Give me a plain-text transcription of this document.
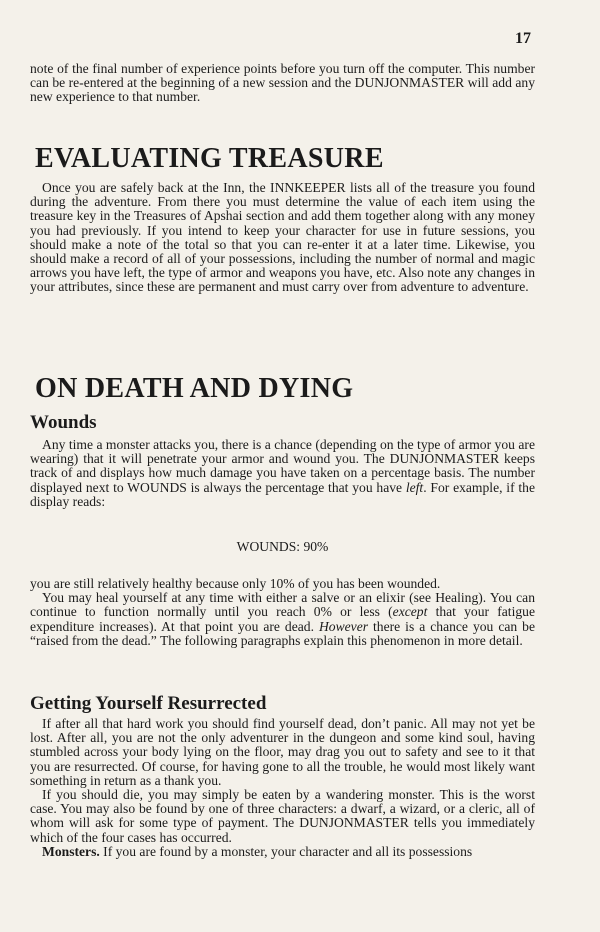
17

note of the final number of experience points before you turn off the computer. This number can be re-entered at the beginning of a new session and the DUNJONMASTER will add any new experience to that number.

EVALUATING TREASURE

Once you are safely back at the Inn, the INNKEEPER lists all of the treasure you found during the adventure. From there you must determine the value of each item using the treasure key in the Treasures of Apshai section and add them together along with any money you had previously. If you intend to keep your character for use in future sessions, you should make a note of the total so that you can re-enter it at a later time. Likewise, you should make a record of all of your possessions, including the number of normal and magic arrows you have left, the type of armor and weapons you have, etc. Also note any changes in your attributes, since these are permanent and must carry over from adventure to adventure.

ON DEATH AND DYING
Wounds

Any time a monster attacks you, there is a chance (depending on the type of armor you are wearing) that it will penetrate your armor and wound you. The DUNJONMASTER keeps track of and displays how much damage you have taken on a percentage basis. The number displayed next to WOUNDS is always the percentage that you have left. For example, if the display reads:

WOUNDS: 90%

you are still relatively healthy because only 10% of you has been wounded.

You may heal yourself at any time with either a salve or an elixir (see Healing). You can continue to function normally until you reach 0% or less (except that your fatigue expenditure increases). At that point you are dead. However there is a chance you can be “raised from the dead.” The following paragraphs explain this phenomenon in more detail.

Getting Yourself Resurrected

If after all that hard work you should find yourself dead, don’t panic. All may not yet be lost. After all, you are not the only adventurer in the dungeon and some kind soul, having stumbled across your body lying on the floor, may drag you out to safety and see to it that you are resurrected. Of course, for having gone to all the trouble, he would most likely want something in return as a thank you.

If you should die, you may simply be eaten by a wandering monster. This is the worst case. You may also be found by one of three characters: a dwarf, a wizard, or a cleric, all of whom will ask for some type of payment. The DUNJONMASTER tells you immediately which of the four cases has occurred.

Monsters. If you are found by a monster, your character and all its possessions
